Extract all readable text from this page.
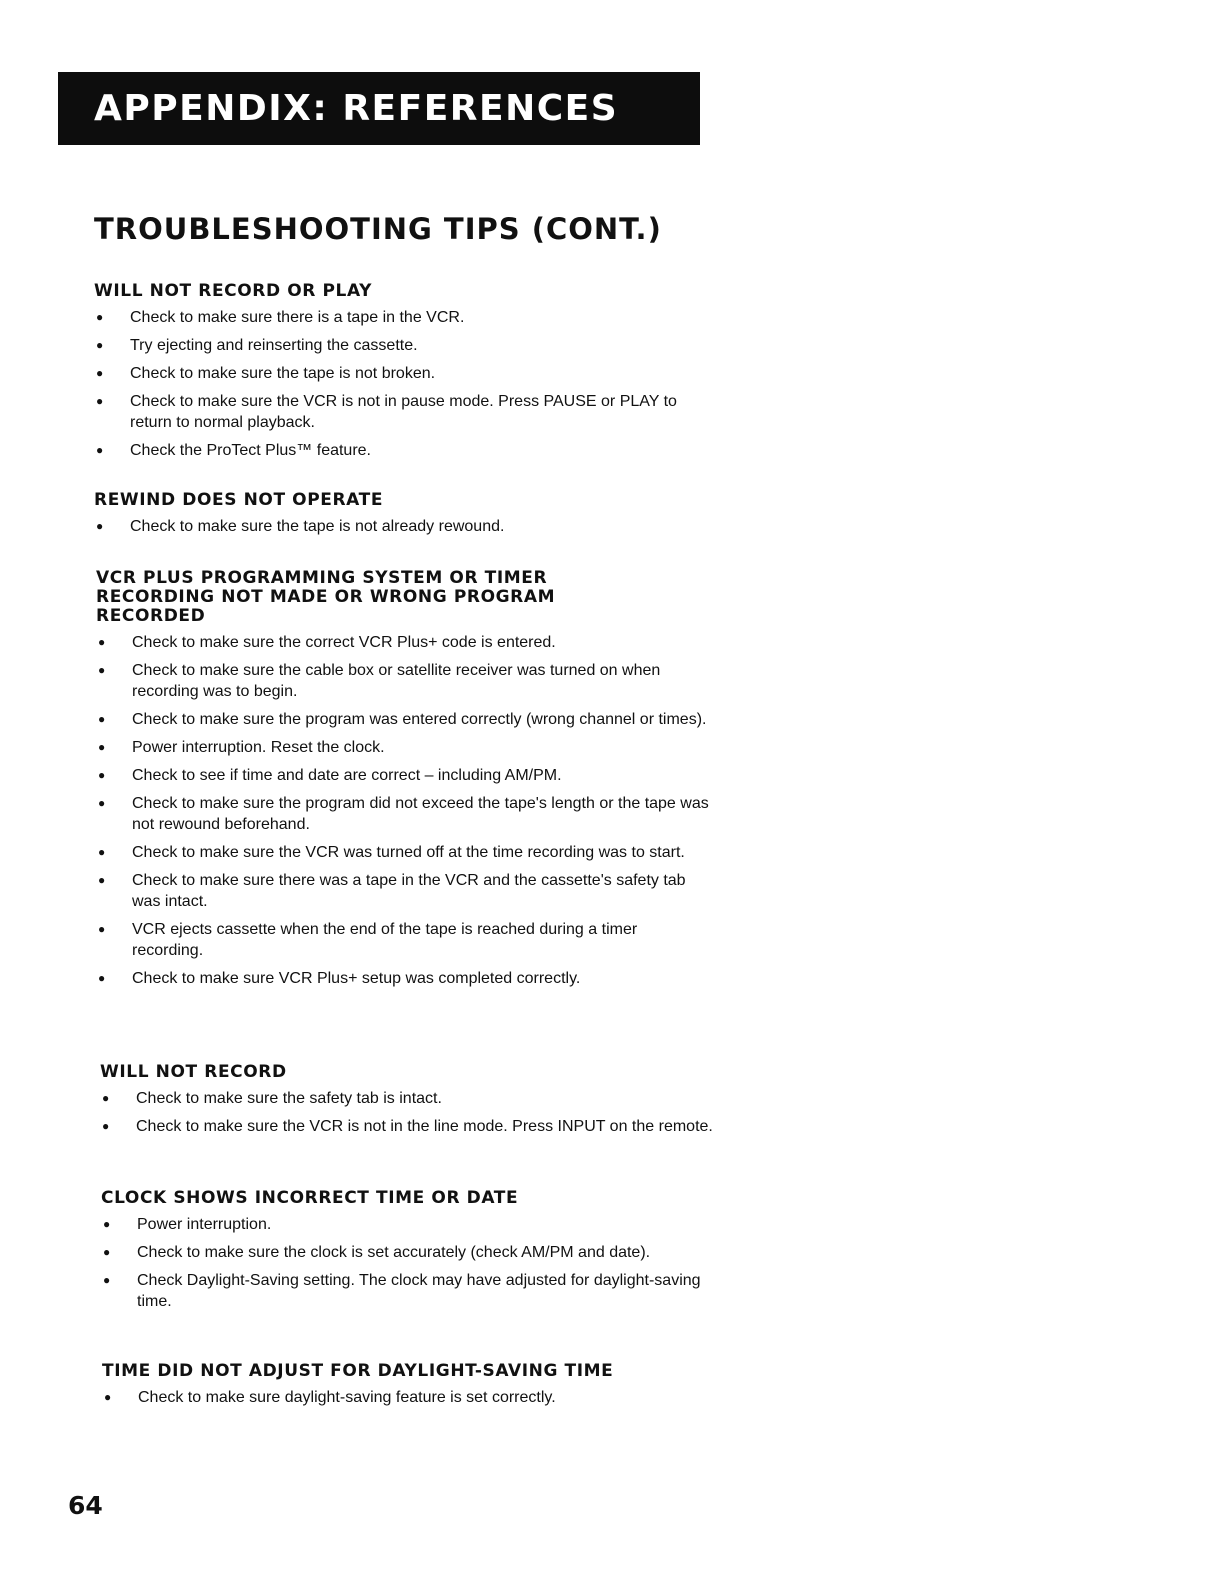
APPENDIX: REFERENCES
TROUBLESHOOTING TIPS (CONT.)
WILL NOT RECORD OR PLAY
● Check to make sure there is a tape in the VCR.
● Try ejecting and reinserting the cassette.
● Check to make sure the tape is not broken.
● Check to make sure the VCR is not in pause mode. Press PAUSE or PLAY to return to normal playback.
● Check the ProTect Plus™ feature.
REWIND DOES NOT OPERATE
● Check to make sure the tape is not already rewound.
VCR PLUS PROGRAMMING SYSTEM OR TIMER RECORDING NOT MADE OR WRONG PROGRAM RECORDED
● Check to make sure the correct VCR Plus+ code is entered.
● Check to make sure the cable box or satellite receiver was turned on when recording was to begin.
● Check to make sure the program was entered correctly (wrong channel or times).
● Power interruption. Reset the clock.
● Check to see if time and date are correct – including AM/PM.
● Check to make sure the program did not exceed the tape's length or the tape was not rewound beforehand.
● Check to make sure the VCR was turned off at the time recording was to start.
● Check to make sure there was a tape in the VCR and the cassette's safety tab was intact.
● VCR ejects cassette when the end of the tape is reached during a timer recording.
● Check to make sure VCR Plus+ setup was completed correctly.
WILL NOT RECORD
● Check to make sure the safety tab is intact.
● Check to make sure the VCR is not in the line mode. Press INPUT on the remote.
CLOCK SHOWS INCORRECT TIME OR DATE
● Power interruption.
● Check to make sure the clock is set accurately (check AM/PM and date).
● Check Daylight-Saving setting. The clock may have adjusted for daylight-saving time.
TIME DID NOT ADJUST FOR DAYLIGHT-SAVING TIME
● Check to make sure daylight-saving feature is set correctly.
64
